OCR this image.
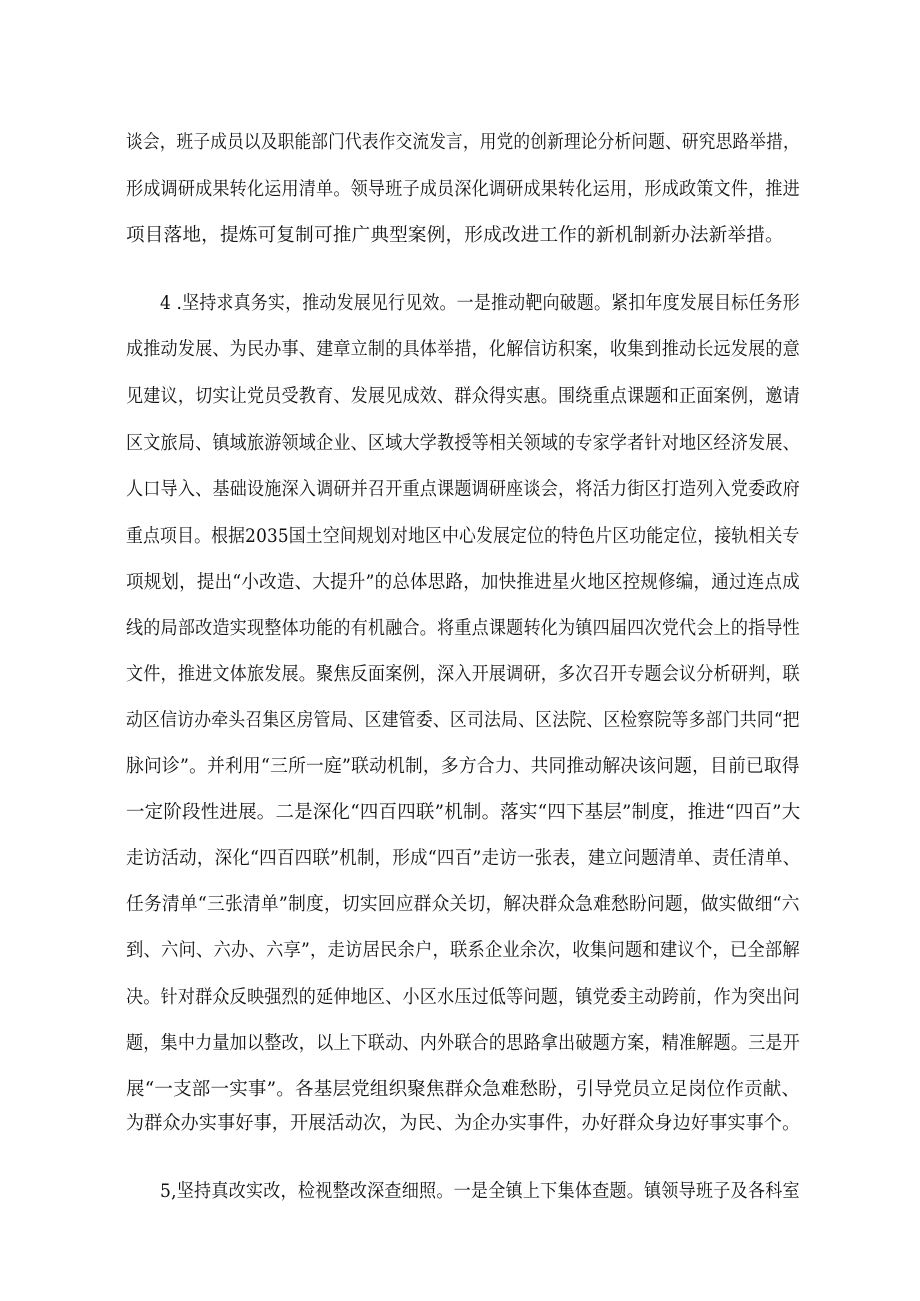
谈会，班子成员以及职能部门代表作交流发言，用党的创新理论分析问题、研究思路举措，
形成调研成果转化运用清单。领导班子成员深化调研成果转化运用，形成政策文件，推进
项目落地，提炼可复制可推广典型案例，形成改进工作的新机制新办法新举措。
4 .坚持求真务实，推动发展见行见效。一是推动靶向破题。紧扣年度发展目标任务形
成推动发展、为民办事、建章立制的具体举措，化解信访积案，收集到推动长远发展的意
见建议，切实让党员受教育、发展见成效、群众得实惠。围绕重点课题和正面案例，邀请
区文旅局、镇域旅游领域企业、区域大学教授等相关领域的专家学者针对地区经济发展、
人口导入、基础设施深入调研并召开重点课题调研座谈会，将活力街区打造列入党委政府
重点项目。根据2035国土空间规划对地区中心发展定位的特色片区功能定位，接轨相关专
项规划，提出“小改造、大提升”的总体思路，加快推进星火地区控规修编，通过连点成
线的局部改造实现整体功能的有机融合。将重点课题转化为镇四届四次党代会上的指导性
文件，推进文体旅发展。聚焦反面案例，深入开展调研，多次召开专题会议分析研判，联
动区信访办牵头召集区房管局、区建管委、区司法局、区法院、区检察院等多部门共同“把
脉问诊”。并利用“三所一庭”联动机制，多方合力、共同推动解决该问题，目前已取得
一定阶段性进展。二是深化“四百四联”机制。落实“四下基层”制度，推进“四百”大
走访活动，深化“四百四联”机制，形成“四百”走访一张表，建立问题清单、责任清单、
任务清单“三张清单”制度，切实回应群众关切，解决群众急难愁盼问题，做实做细“六
到、六问、六办、六享”，走访居民余户，联系企业余次，收集问题和建议个，已全部解
决。针对群众反映强烈的延伸地区、小区水压过低等问题，镇党委主动跨前，作为突出问
题，集中力量加以整改，以上下联动、内外联合的思路拿出破题方案，精准解题。三是开
展“一支部一实事”。各基层党组织聚焦群众急难愁盼，引导党员立足岗位作贡献、
为群众办实事好事，开展活动次，为民、为企办实事件，办好群众身边好事实事个。
5,坚持真改实改，检视整改深查细照。一是全镇上下集体查题。镇领导班子及各科室
